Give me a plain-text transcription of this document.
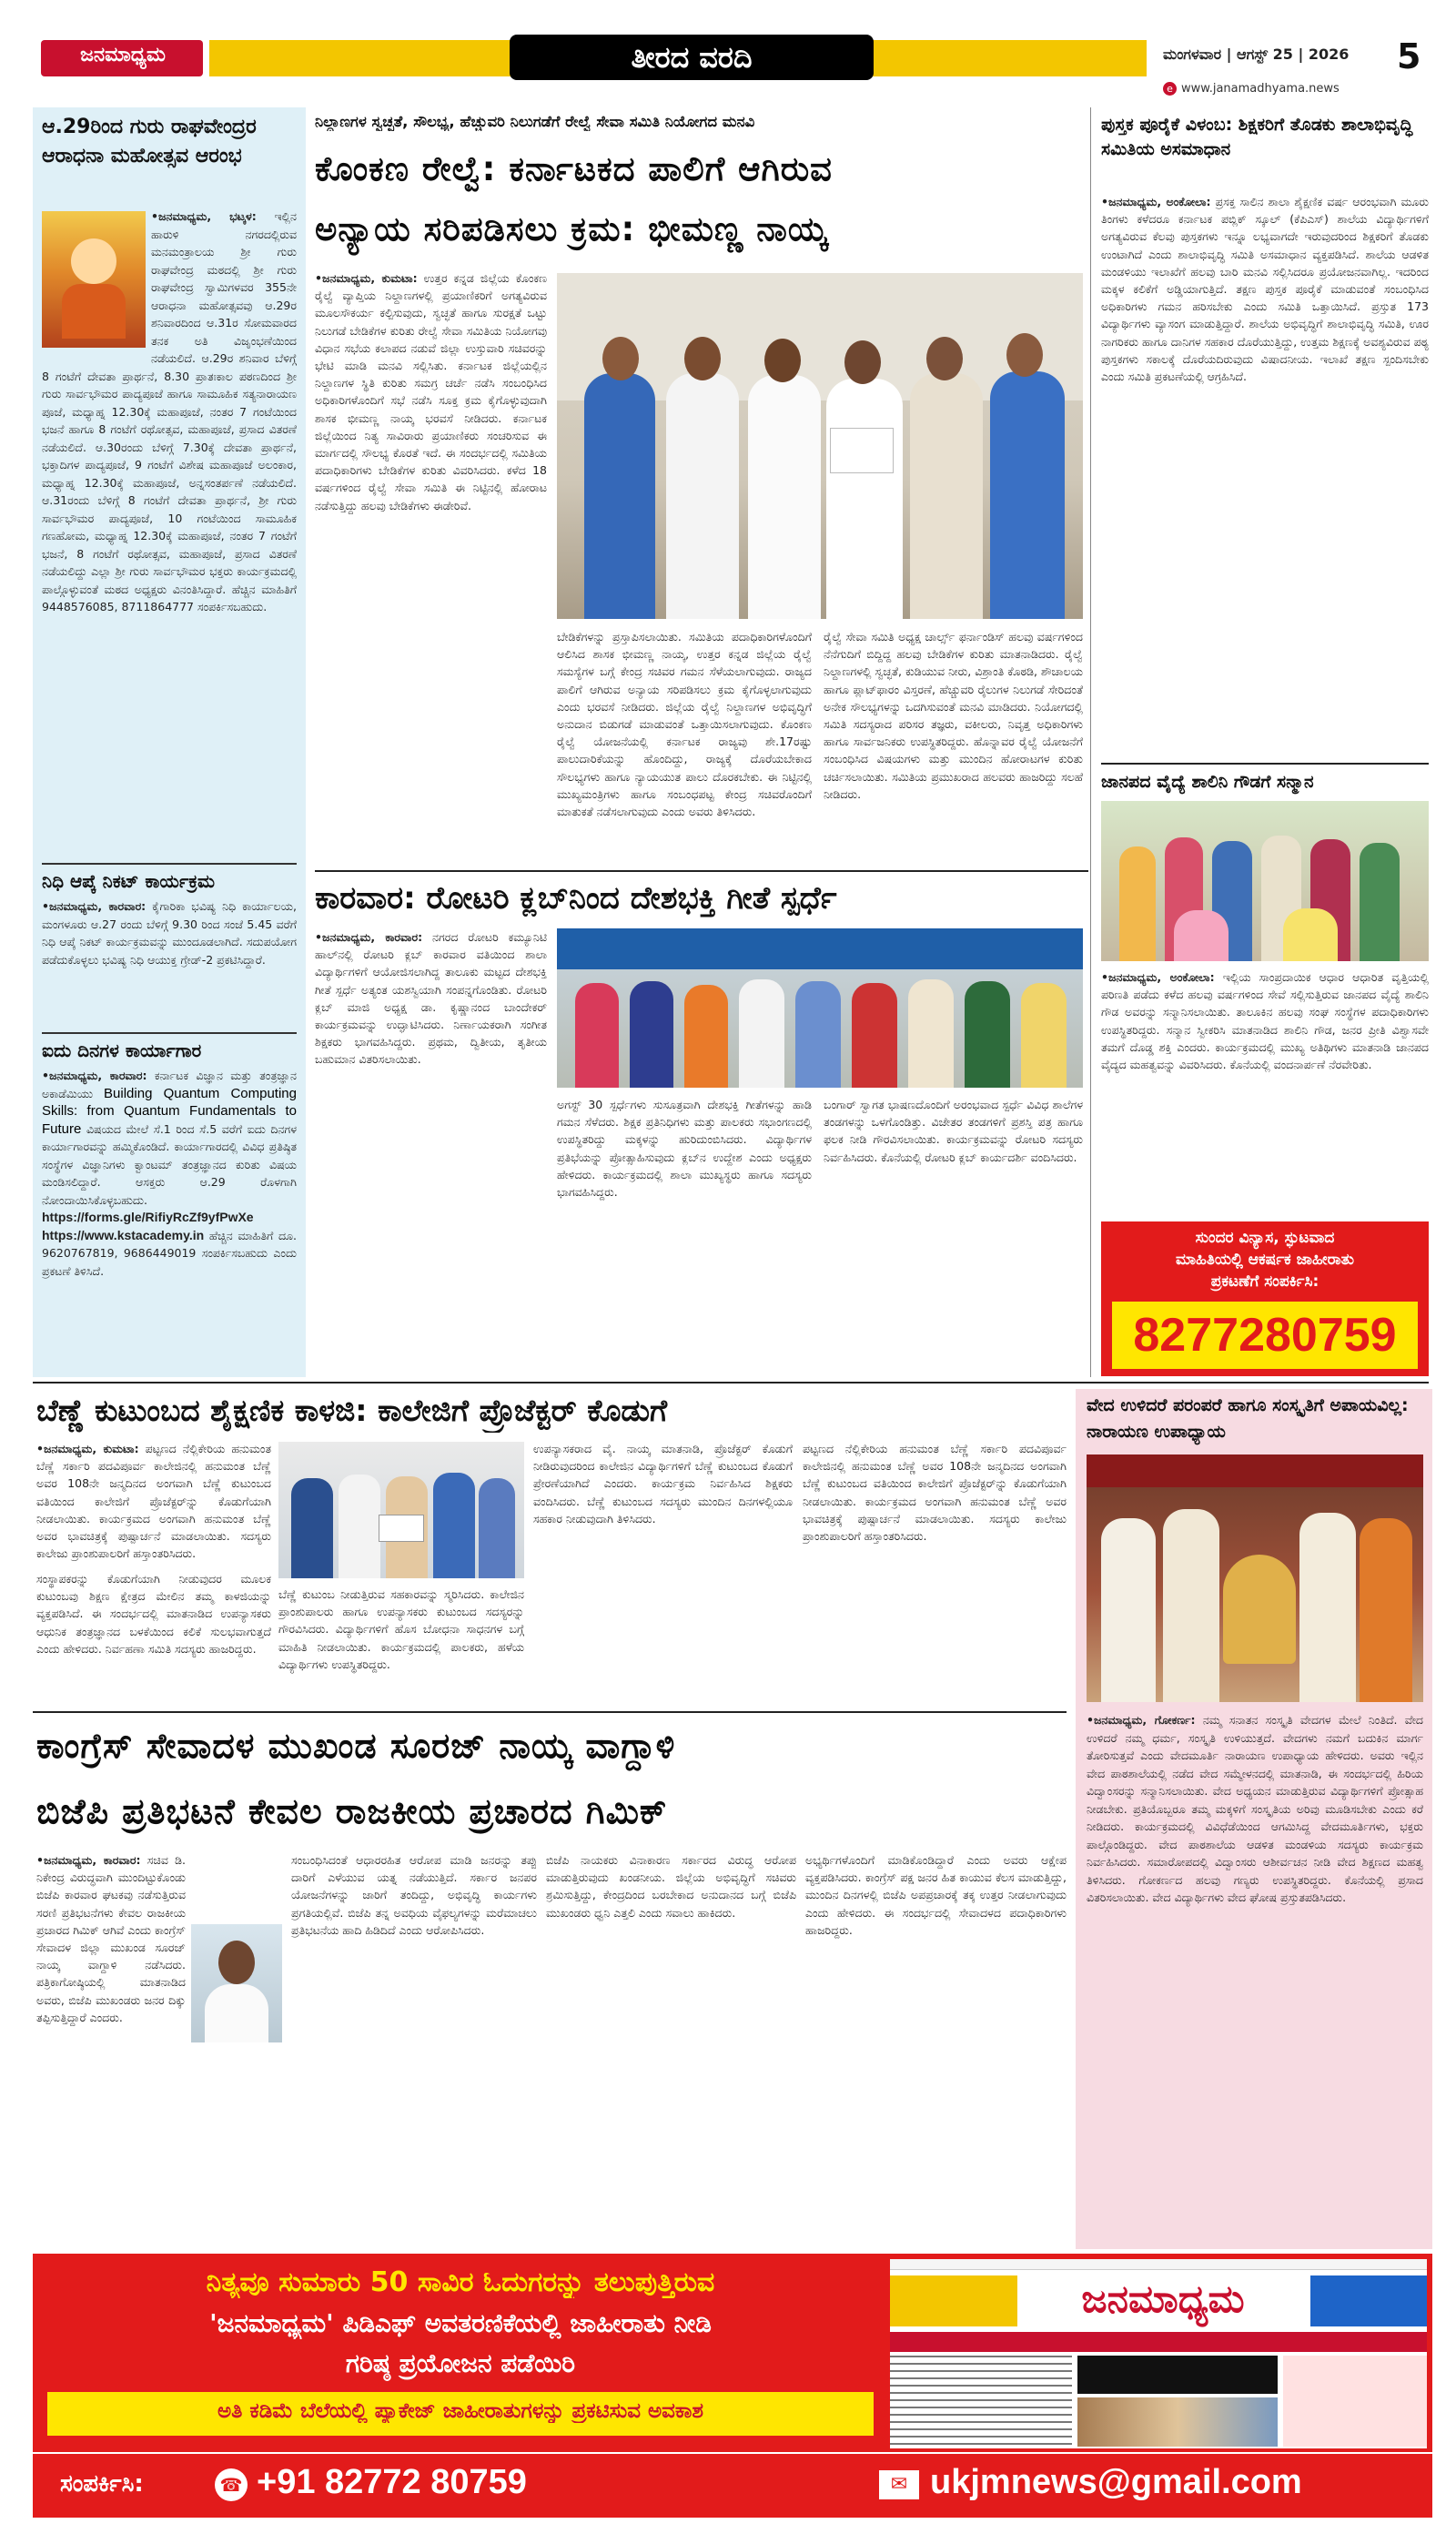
ಜನಮಾಧ್ಯಮ	ತೀರದ ವರದಿ	ಮಂಗಳವಾರ | ಆಗಸ್ಟ್ 25 | 2026	5
e www.janamadhyama.news
ಆ.29ರಿಂದ ಗುರು ರಾಘವೇಂದ್ರರ ಆರಾಧನಾ ಮಹೋತ್ಸವ ಆರಂಭ
•ಜನಮಾಧ್ಯಮ, ಭಟ್ಕಳ: ಇಲ್ಲಿನ ಹಾರುಳಿ ನಗರದಲ್ಲಿರುವ ಮನಮಂತ್ರಾಲಯ ಶ್ರೀ ಗುರು ರಾಘವೇಂದ್ರ ಮಠದಲ್ಲಿ ಶ್ರೀ ಗುರು ರಾಘವೇಂದ್ರ ಸ್ವಾಮಿಗಳವರ 355ನೇ ಆರಾಧನಾ ಮಹೋತ್ಸವವು ಆ.29ರ ಶನಿವಾರದಿಂದ ಆ.31ರ ಸೋಮವಾರದ ತನಕ ಅತಿ ವಿಜೃಂಭಣೆಯಿಂದ ನಡೆಯಲಿದೆ. ಆ.29ರ ಶನಿವಾರ ಬೆಳಿಗ್ಗೆ 8 ಗಂಟೆಗೆ ದೇವತಾ ಪ್ರಾರ್ಥನೆ, 8.30 ಪ್ರಾತಃಕಾಲ ಪಠಣದಿಂದ ಶ್ರೀ ಗುರು ಸಾರ್ವಭೌಮರ ಪಾದ್ಯಪೂಜೆ ಹಾಗೂ ಸಾಮೂಹಿಕ ಸತ್ಯನಾರಾಯಣ ಪೂಜೆ, ಮಧ್ಯಾಹ್ನ 12.30ಕ್ಕೆ ಮಹಾಪೂಜೆ, ನಂತರ 7 ಗಂಟೆಯಿಂದ ಭಜನೆ ಹಾಗೂ 8 ಗಂಟೆಗೆ ರಥೋತ್ಸವ, ಮಹಾಪೂಜೆ, ಪ್ರಸಾದ ವಿತರಣೆ ನಡೆಯಲಿದೆ. ಆ.30ರಂದು ಬೆಳಿಗ್ಗೆ 7.30ಕ್ಕೆ ದೇವತಾ ಪ್ರಾರ್ಥನೆ, ಭಕ್ತಾದಿಗಳ ಪಾದ್ಯಪೂಜೆ, 9 ಗಂಟೆಗೆ ವಿಶೇಷ ಮಹಾಪೂಜೆ ಅಲಂಕಾರ, ಮಧ್ಯಾಹ್ನ 12.30ಕ್ಕೆ ಮಹಾಪೂಜೆ, ಅನ್ನಸಂತರ್ಪಣೆ ನಡೆಯಲಿದೆ. ಆ.31ರಂದು ಬೆಳಿಗ್ಗೆ 8 ಗಂಟೆಗೆ ದೇವತಾ ಪ್ರಾರ್ಥನೆ, ಶ್ರೀ ಗುರು ಸಾರ್ವಭೌಮರ ಪಾದ್ಯಪೂಜೆ, 10 ಗಂಟೆಯಿಂದ ಸಾಮೂಹಿಕ ಗಣಹೋಮ, ಮಧ್ಯಾಹ್ನ 12.30ಕ್ಕೆ ಮಹಾಪೂಜೆ, ನಂತರ 7 ಗಂಟೆಗೆ ಭಜನೆ, 8 ಗಂಟೆಗೆ ರಥೋತ್ಸವ, ಮಹಾಪೂಜೆ, ಪ್ರಸಾದ ವಿತರಣೆ ನಡೆಯಲಿದ್ದು ಎಲ್ಲಾ ಶ್ರೀ ಗುರು ಸಾರ್ವಭೌಮರ ಭಕ್ತರು ಕಾರ್ಯಕ್ರಮದಲ್ಲಿ ಪಾಲ್ಗೊಳ್ಳುವಂತೆ ಮಠದ ಅಧ್ಯಕ್ಷರು ವಿನಂತಿಸಿದ್ದಾರೆ. ಹೆಚ್ಚಿನ ಮಾಹಿತಿಗೆ 9448576085, 8711864777 ಸಂಪರ್ಕಿಸಬಹುದು.
ನಿಧಿ ಆಪ್ಕೆ ನಿಕಟ್ ಕಾರ್ಯಕ್ರಮ
•ಜನಮಾಧ್ಯಮ, ಕಾರವಾರ: ಕೈಗಾರಿಕಾ ಭವಿಷ್ಯ ನಿಧಿ ಕಾರ್ಯಾಲಯ, ಮಂಗಳೂರು ಆ.27 ರಂದು ಬೆಳಿಗ್ಗೆ 9.30 ರಿಂದ ಸಂಜೆ 5.45 ವರೆಗೆ ನಿಧಿ ಆಪ್ಕೆ ನಿಕಟ್ ಕಾರ್ಯಕ್ರಮವನ್ನು ಮುಂದೂಡಲಾಗಿದೆ. ಸದುಪಯೋಗ ಪಡೆದುಕೊಳ್ಳಲು ಭವಿಷ್ಯ ನಿಧಿ ಆಯುಕ್ತ ಗ್ರೇಡ್-2 ಪ್ರಕಟಿಸಿದ್ದಾರೆ.
ಐದು ದಿನಗಳ ಕಾರ್ಯಾಗಾರ
•ಜನಮಾಧ್ಯಮ, ಕಾರವಾರ: ಕರ್ನಾಟಕ ವಿಜ್ಞಾನ ಮತ್ತು ತಂತ್ರಜ್ಞಾನ ಅಕಾಡೆಮಿಯು Building Quantum Computing Skills: from Quantum Fundamentals to Future ವಿಷಯದ ಮೇಲೆ ಸೆ.1 ರಿಂದ ಸೆ.5 ವರೆಗೆ ಐದು ದಿನಗಳ ಕಾರ್ಯಾಗಾರವನ್ನು ಹಮ್ಮಿಕೊಂಡಿದೆ. ಕಾರ್ಯಾಗಾರದಲ್ಲಿ ವಿವಿಧ ಪ್ರತಿಷ್ಠಿತ ಸಂಸ್ಥೆಗಳ ವಿಜ್ಞಾನಿಗಳು ಕ್ವಾಂಟಮ್ ತಂತ್ರಜ್ಞಾನದ ಕುರಿತು ವಿಷಯ ಮಂಡಿಸಲಿದ್ದಾರೆ. ಆಸಕ್ತರು ಆ.29 ರೊಳಗಾಗಿ ನೋಂದಾಯಿಸಿಕೊಳ್ಳಬಹುದು. https://forms.gle/RifiyRcZf9yfPwXe https://www.kstacademy.in ಹೆಚ್ಚಿನ ಮಾಹಿತಿಗೆ ದೂ. 9620767819, 9686449019 ಸಂಪರ್ಕಿಸಬಹುದು ಎಂದು ಪ್ರಕಟಣೆ ತಿಳಿಸಿದೆ.
ನಿಲ್ದಾಣಗಳ ಸ್ವಚ್ಛತೆ, ಸೌಲಭ್ಯ, ಹೆಚ್ಚುವರಿ ನಿಲುಗಡೆಗೆ ರೇಲ್ವೆ ಸೇವಾ ಸಮಿತಿ ನಿಯೋಗದ ಮನವಿ
ಕೊಂಕಣ ರೇಲ್ವೆ: ಕರ್ನಾಟಕದ ಪಾಲಿಗೆ ಆಗಿರುವ
ಅನ್ಯಾಯ ಸರಿಪಡಿಸಲು ಕ್ರಮ: ಭೀಮಣ್ಣ ನಾಯ್ಕ
•ಜನಮಾಧ್ಯಮ, ಕುಮಟಾ: ಉತ್ತರ ಕನ್ನಡ ಜಿಲ್ಲೆಯ ಕೊಂಕಣ ರೈಲ್ವೆ ವ್ಯಾಪ್ತಿಯ ನಿಲ್ದಾಣಗಳಲ್ಲಿ ಪ್ರಯಾಣಿಕರಿಗೆ ಅಗತ್ಯವಿರುವ ಮೂಲಸೌಕರ್ಯ ಕಲ್ಪಿಸುವುದು, ಸ್ವಚ್ಛತೆ ಹಾಗೂ ಸುರಕ್ಷತೆ ಒಟ್ಟು ನಿಲುಗಡೆ ಬೇಡಿಕೆಗಳ ಕುರಿತು ರೇಲ್ವೆ ಸೇವಾ ಸಮಿತಿಯ ನಿಯೋಗವು ವಿಧಾನ ಸಭೆಯ ಕಲಾಪದ ನಡುವೆ ಜಿಲ್ಲಾ ಉಸ್ತುವಾರಿ ಸಚಿವರನ್ನು ಭೇಟಿ ಮಾಡಿ ಮನವಿ ಸಲ್ಲಿಸಿತು. ಕರ್ನಾಟಕ ಜಿಲ್ಲೆಯಲ್ಲಿನ ನಿಲ್ದಾಣಗಳ ಸ್ಥಿತಿ ಕುರಿತು ಸಮಗ್ರ ಚರ್ಚೆ ನಡೆಸಿ ಸಂಬಂಧಿಸಿದ ಅಧಿಕಾರಿಗಳೊಂದಿಗೆ ಸಭೆ ನಡೆಸಿ ಸೂಕ್ತ ಕ್ರಮ ಕೈಗೊಳ್ಳುವುದಾಗಿ ಶಾಸಕ ಭೀಮಣ್ಣ ನಾಯ್ಕ ಭರವಸೆ ನೀಡಿದರು. ಕರ್ನಾಟಕ ಜಿಲ್ಲೆಯಿಂದ ನಿತ್ಯ ಸಾವಿರಾರು ಪ್ರಯಾಣಿಕರು ಸಂಚರಿಸುವ ಈ ಮಾರ್ಗದಲ್ಲಿ ಸೌಲಭ್ಯ ಕೊರತೆ ಇದೆ. ಈ ಸಂದರ್ಭದಲ್ಲಿ ಸಮಿತಿಯ ಪದಾಧಿಕಾರಿಗಳು ಬೇಡಿಕೆಗಳ ಕುರಿತು ವಿವರಿಸಿದರು. ಕಳೆದ 18 ವರ್ಷಗಳಿಂದ ರೈಲ್ವೆ ಸೇವಾ ಸಮಿತಿ ಈ ನಿಟ್ಟಿನಲ್ಲಿ ಹೋರಾಟ ನಡೆಸುತ್ತಿದ್ದು ಹಲವು ಬೇಡಿಕೆಗಳು ಈಡೇರಿವೆ.
ಬೇಡಿಕೆಗಳನ್ನು ಪ್ರಸ್ತಾಪಿಸಲಾಯಿತು. ಸಮಿತಿಯ ಪದಾಧಿಕಾರಿಗಳೊಂದಿಗೆ ಆಲಿಸಿದ ಶಾಸಕ ಭೀಮಣ್ಣ ನಾಯ್ಕ, ಉತ್ತರ ಕನ್ನಡ ಜಿಲ್ಲೆಯ ರೈಲ್ವೆ ಸಮಸ್ಯೆಗಳ ಬಗ್ಗೆ ಕೇಂದ್ರ ಸಚಿವರ ಗಮನ ಸೆಳೆಯಲಾಗುವುದು. ರಾಜ್ಯದ ಪಾಲಿಗೆ ಆಗಿರುವ ಅನ್ಯಾಯ ಸರಿಪಡಿಸಲು ಕ್ರಮ ಕೈಗೊಳ್ಳಲಾಗುವುದು ಎಂದು ಭರವಸೆ ನೀಡಿದರು. ಜಿಲ್ಲೆಯ ರೈಲ್ವೆ ನಿಲ್ದಾಣಗಳ ಅಭಿವೃದ್ಧಿಗೆ ಅನುದಾನ ಬಿಡುಗಡೆ ಮಾಡುವಂತೆ ಒತ್ತಾಯಿಸಲಾಗುವುದು. ಕೊಂಕಣ ರೈಲ್ವೆ ಯೋಜನೆಯಲ್ಲಿ ಕರ್ನಾಟಕ ರಾಜ್ಯವು ಶೇ.17ರಷ್ಟು ಪಾಲುದಾರಿಕೆಯನ್ನು ಹೊಂದಿದ್ದು, ರಾಜ್ಯಕ್ಕೆ ದೊರೆಯಬೇಕಾದ ಸೌಲಭ್ಯಗಳು ಹಾಗೂ ನ್ಯಾಯಯುತ ಪಾಲು ದೊರಕಬೇಕು. ಈ ನಿಟ್ಟಿನಲ್ಲಿ ಮುಖ್ಯಮಂತ್ರಿಗಳು ಹಾಗೂ ಸಂಬಂಧಪಟ್ಟ ಕೇಂದ್ರ ಸಚಿವರೊಂದಿಗೆ ಮಾತುಕತೆ ನಡೆಸಲಾಗುವುದು ಎಂದು ಅವರು ತಿಳಿಸಿದರು.
ರೈಲ್ವೆ ಸೇವಾ ಸಮಿತಿ ಅಧ್ಯಕ್ಷ ಚಾರ್ಲ್ಸ್ ಫರ್ನಾಂಡಿಸ್ ಹಲವು ವರ್ಷಗಳಿಂದ ನೆನೆಗುದಿಗೆ ಬಿದ್ದಿದ್ದ ಹಲವು ಬೇಡಿಕೆಗಳ ಕುರಿತು ಮಾತನಾಡಿದರು. ರೈಲ್ವೆ ನಿಲ್ದಾಣಗಳಲ್ಲಿ ಸ್ವಚ್ಛತೆ, ಕುಡಿಯುವ ನೀರು, ವಿಶ್ರಾಂತಿ ಕೊಠಡಿ, ಶೌಚಾಲಯ ಹಾಗೂ ಪ್ಲಾಟ್‌ಫಾರಂ ವಿಸ್ತರಣೆ, ಹೆಚ್ಚುವರಿ ರೈಲುಗಳ ನಿಲುಗಡೆ ಸೇರಿದಂತೆ ಅನೇಕ ಸೌಲಭ್ಯಗಳನ್ನು ಒದಗಿಸುವಂತೆ ಮನವಿ ಮಾಡಿದರು. ನಿಯೋಗದಲ್ಲಿ ಸಮಿತಿ ಸದಸ್ಯರಾದ ಪರಿಸರ ತಜ್ಞರು, ವಕೀಲರು, ನಿವೃತ್ತ ಅಧಿಕಾರಿಗಳು ಹಾಗೂ ಸಾರ್ವಜನಿಕರು ಉಪಸ್ಥಿತರಿದ್ದರು. ಹೊನ್ನಾವರ ರೈಲ್ವೆ ಯೋಜನೆಗೆ ಸಂಬಂಧಿಸಿದ ವಿಷಯಗಳು ಮತ್ತು ಮುಂದಿನ ಹೋರಾಟಗಳ ಕುರಿತು ಚರ್ಚಿಸಲಾಯಿತು. ಸಮಿತಿಯ ಪ್ರಮುಖರಾದ ಹಲವರು ಹಾಜರಿದ್ದು ಸಲಹೆ ನೀಡಿದರು.
ಕಾರವಾರ: ರೋಟರಿ ಕ್ಲಬ್‌ನಿಂದ ದೇಶಭಕ್ತಿ ಗೀತೆ ಸ್ಪರ್ಧೆ
•ಜನಮಾಧ್ಯಮ, ಕಾರವಾರ: ನಗರದ ರೋಟರಿ ಕಮ್ಯೂನಿಟಿ ಹಾಲ್‌ನಲ್ಲಿ ರೋಟರಿ ಕ್ಲಬ್ ಕಾರವಾರ ವತಿಯಿಂದ ಶಾಲಾ ವಿದ್ಯಾರ್ಥಿಗಳಿಗೆ ಆಯೋಜಿಸಲಾಗಿದ್ದ ತಾಲೂಕು ಮಟ್ಟದ ದೇಶಭಕ್ತಿ ಗೀತೆ ಸ್ಪರ್ಧೆ ಅತ್ಯಂತ ಯಶಸ್ವಿಯಾಗಿ ಸಂಪನ್ನಗೊಂಡಿತು. ರೋಟರಿ ಕ್ಲಬ್ ಮಾಜಿ ಅಧ್ಯಕ್ಷ ಡಾ. ಕೃಷ್ಣಾನಂದ ಬಾಂದೇಕರ್ ಕಾರ್ಯಕ್ರಮವನ್ನು ಉದ್ಘಾಟಿಸಿದರು. ನಿರ್ಣಾಯಕರಾಗಿ ಸಂಗೀತ ಶಿಕ್ಷಕರು ಭಾಗವಹಿಸಿದ್ದರು. ಪ್ರಥಮ, ದ್ವಿತೀಯ, ತೃತೀಯ ಬಹುಮಾನ ವಿತರಿಸಲಾಯಿತು.
ಅಗಸ್ಟ್ 30 ಸ್ಪರ್ಧೆಗಳು ಸುಸೂತ್ರವಾಗಿ ದೇಶಭಕ್ತಿ ಗೀತೆಗಳನ್ನು ಹಾಡಿ ಗಮನ ಸೆಳೆದರು. ಶಿಕ್ಷಕ ಪ್ರತಿನಿಧಿಗಳು ಮತ್ತು ಪಾಲಕರು ಸಭಾಂಗಣದಲ್ಲಿ ಉಪಸ್ಥಿತರಿದ್ದು ಮಕ್ಕಳನ್ನು ಹುರಿದುಂಬಿಸಿದರು. ವಿದ್ಯಾರ್ಥಿಗಳ ಪ್ರತಿಭೆಯನ್ನು ಪ್ರೋತ್ಸಾಹಿಸುವುದು ಕ್ಲಬ್‌ನ ಉದ್ದೇಶ ಎಂದು ಅಧ್ಯಕ್ಷರು ಹೇಳಿದರು. ಕಾರ್ಯಕ್ರಮದಲ್ಲಿ ಶಾಲಾ ಮುಖ್ಯಸ್ಥರು ಹಾಗೂ ಸದಸ್ಯರು ಭಾಗವಹಿಸಿದ್ದರು.
ಬಂಗಾರ್ ಸ್ವಾಗತ ಭಾಷಣದೊಂದಿಗೆ ಅರಂಭವಾದ ಸ್ಪರ್ಧೆ ವಿವಿಧ ಶಾಲೆಗಳ ತಂಡಗಳನ್ನು ಒಳಗೊಂಡಿತ್ತು. ವಿಜೇತರ ತಂಡಗಳಿಗೆ ಪ್ರಶಸ್ತಿ ಪತ್ರ ಹಾಗೂ ಫಲಕ ನೀಡಿ ಗೌರವಿಸಲಾಯಿತು. ಕಾರ್ಯಕ್ರಮವನ್ನು ರೋಟರಿ ಸದಸ್ಯರು ನಿರ್ವಹಿಸಿದರು. ಕೊನೆಯಲ್ಲಿ ರೋಟರಿ ಕ್ಲಬ್ ಕಾರ್ಯದರ್ಶಿ ವಂದಿಸಿದರು.
ಪುಸ್ತಕ ಪೂರೈಕೆ ವಿಳಂಬ: ಶಿಕ್ಷಕರಿಗೆ ತೊಡಕು ಶಾಲಾಭಿವೃದ್ಧಿ ಸಮಿತಿಯ ಅಸಮಾಧಾನ
•ಜನಮಾಧ್ಯಮ, ಅಂಕೋಲಾ: ಪ್ರಸಕ್ತ ಸಾಲಿನ ಶಾಲಾ ಶೈಕ್ಷಣಿಕ ವರ್ಷ ಆರಂಭವಾಗಿ ಮೂರು ತಿಂಗಳು ಕಳೆದರೂ ಕರ್ನಾಟಕ ಪಬ್ಲಿಕ್ ಸ್ಕೂಲ್ (ಕೆಪಿಎಸ್) ಶಾಲೆಯ ವಿದ್ಯಾರ್ಥಿಗಳಿಗೆ ಅಗತ್ಯವಿರುವ ಕೆಲವು ಪುಸ್ತಕಗಳು ಇನ್ನೂ ಲಭ್ಯವಾಗದೇ ಇರುವುದರಿಂದ ಶಿಕ್ಷಕರಿಗೆ ತೊಡಕು ಉಂಟಾಗಿದೆ ಎಂದು ಶಾಲಾಭಿವೃದ್ಧಿ ಸಮಿತಿ ಅಸಮಾಧಾನ ವ್ಯಕ್ತಪಡಿಸಿದೆ. ಶಾಲೆಯ ಆಡಳಿತ ಮಂಡಳಿಯು ಇಲಾಖೆಗೆ ಹಲವು ಬಾರಿ ಮನವಿ ಸಲ್ಲಿಸಿದರೂ ಪ್ರಯೋಜನವಾಗಿಲ್ಲ. ಇದರಿಂದ ಮಕ್ಕಳ ಕಲಿಕೆಗೆ ಅಡ್ಡಿಯಾಗುತ್ತಿದೆ. ತಕ್ಷಣ ಪುಸ್ತಕ ಪೂರೈಕೆ ಮಾಡುವಂತೆ ಸಂಬಂಧಿಸಿದ ಅಧಿಕಾರಿಗಳು ಗಮನ ಹರಿಸಬೇಕು ಎಂದು ಸಮಿತಿ ಒತ್ತಾಯಿಸಿದೆ. ಪ್ರಸ್ತುತ 173 ವಿದ್ಯಾರ್ಥಿಗಳು ವ್ಯಾಸಂಗ ಮಾಡುತ್ತಿದ್ದಾರೆ. ಶಾಲೆಯ ಅಭಿವೃದ್ಧಿಗೆ ಶಾಲಾಭಿವೃದ್ಧಿ ಸಮಿತಿ, ಊರ ನಾಗರಿಕರು ಹಾಗೂ ದಾನಿಗಳ ಸಹಕಾರ ದೊರೆಯುತ್ತಿದ್ದು, ಉತ್ತಮ ಶಿಕ್ಷಣಕ್ಕೆ ಅವಶ್ಯವಿರುವ ಪಠ್ಯ ಪುಸ್ತಕಗಳು ಸಕಾಲಕ್ಕೆ ದೊರೆಯದಿರುವುದು ವಿಷಾದನೀಯ. ಇಲಾಖೆ ತಕ್ಷಣ ಸ್ಪಂದಿಸಬೇಕು ಎಂದು ಸಮಿತಿ ಪ್ರಕಟಣೆಯಲ್ಲಿ ಆಗ್ರಹಿಸಿದೆ.
ಜಾನಪದ ವೈದ್ಯೆ ಶಾಲಿನಿ ಗೌಡಗೆ ಸನ್ಮಾನ
•ಜನಮಾಧ್ಯಮ, ಅಂಕೋಲಾ: ಇಲ್ಲಿಯ ಸಾಂಪ್ರದಾಯಿಕ ಆಧಾರ ಆಧಾರಿತ ವೃತ್ತಿಯಲ್ಲಿ ಪರಿಣತಿ ಪಡೆದು ಕಳೆದ ಹಲವು ವರ್ಷಗಳಿಂದ ಸೇವೆ ಸಲ್ಲಿಸುತ್ತಿರುವ ಜಾನಪದ ವೈದ್ಯೆ ಶಾಲಿನಿ ಗೌಡ ಅವರನ್ನು ಸನ್ಮಾನಿಸಲಾಯಿತು. ತಾಲೂಕಿನ ಹಲವು ಸಂಘ ಸಂಸ್ಥೆಗಳ ಪದಾಧಿಕಾರಿಗಳು ಉಪಸ್ಥಿತರಿದ್ದರು. ಸನ್ಮಾನ ಸ್ವೀಕರಿಸಿ ಮಾತನಾಡಿದ ಶಾಲಿನಿ ಗೌಡ, ಜನರ ಪ್ರೀತಿ ವಿಶ್ವಾಸವೇ ತಮಗೆ ದೊಡ್ಡ ಶಕ್ತಿ ಎಂದರು. ಕಾರ್ಯಕ್ರಮದಲ್ಲಿ ಮುಖ್ಯ ಅತಿಥಿಗಳು ಮಾತನಾಡಿ ಜಾನಪದ ವೈದ್ಯದ ಮಹತ್ವವನ್ನು ವಿವರಿಸಿದರು. ಕೊನೆಯಲ್ಲಿ ವಂದನಾರ್ಪಣೆ ನೆರವೇರಿತು.
ಸುಂದರ ವಿನ್ಯಾಸ, ಸ್ಫುಟವಾದ
ಮಾಹಿತಿಯಲ್ಲಿ ಆಕರ್ಷಕ ಜಾಹೀರಾತು
ಪ್ರಕಟಣೆಗೆ ಸಂಪರ್ಕಿಸಿ:
8277280759
ಬೆಣ್ಣೆ ಕುಟುಂಬದ ಶೈಕ್ಷಣಿಕ ಕಾಳಜಿ: ಕಾಲೇಜಿಗೆ ಪ್ರೊಜೆಕ್ಟರ್ ಕೊಡುಗೆ
•ಜನಮಾಧ್ಯಮ, ಕುಮಟಾ: ಪಟ್ಟಣದ ನೆಲ್ಲಿಕೇರಿಯ ಹನುಮಂತ ಬೆಣ್ಣೆ ಸರ್ಕಾರಿ ಪದವಿಪೂರ್ವ ಕಾಲೇಜಿನಲ್ಲಿ ಹನುಮಂತ ಬೆಣ್ಣೆ ಅವರ 108ನೇ ಜನ್ಮದಿನದ ಅಂಗವಾಗಿ ಬೆಣ್ಣೆ ಕುಟುಂಬದ ವತಿಯಿಂದ ಕಾಲೇಜಿಗೆ ಪ್ರೊಜೆಕ್ಟರ್‌ನ್ನು ಕೊಡುಗೆಯಾಗಿ ನೀಡಲಾಯಿತು. ಕಾರ್ಯಕ್ರಮದ ಅಂಗವಾಗಿ ಹನುಮಂತ ಬೆಣ್ಣೆ ಅವರ ಭಾವಚಿತ್ರಕ್ಕೆ ಪುಷ್ಪಾರ್ಚನೆ ಮಾಡಲಾಯಿತು. ಸದಸ್ಯರು ಕಾಲೇಜು ಪ್ರಾಂಶುಪಾಲರಿಗೆ ಹಸ್ತಾಂತರಿಸಿದರು.
ಸಂಸ್ಥಾಪಕರನ್ನು ಕೊಡುಗೆಯಾಗಿ ನೀಡುವುದರ ಮೂಲಕ ಕುಟುಂಬವು ಶಿಕ್ಷಣ ಕ್ಷೇತ್ರದ ಮೇಲಿನ ತಮ್ಮ ಕಾಳಜಿಯನ್ನು ವ್ಯಕ್ತಪಡಿಸಿದೆ. ಈ ಸಂದರ್ಭದಲ್ಲಿ ಮಾತನಾಡಿದ ಉಪನ್ಯಾಸಕರು ಆಧುನಿಕ ತಂತ್ರಜ್ಞಾನದ ಬಳಕೆಯಿಂದ ಕಲಿಕೆ ಸುಲಭವಾಗುತ್ತದೆ ಎಂದು ಹೇಳಿದರು. ನಿರ್ವಹಣಾ ಸಮಿತಿ ಸದಸ್ಯರು ಹಾಜರಿದ್ದರು.
ಬೆಣ್ಣೆ ಕುಟುಂಬ ನೀಡುತ್ತಿರುವ ಸಹಕಾರವನ್ನು ಸ್ಮರಿಸಿದರು. ಕಾಲೇಜಿನ ಪ್ರಾಂಶುಪಾಲರು ಹಾಗೂ ಉಪನ್ಯಾಸಕರು ಕುಟುಂಬದ ಸದಸ್ಯರನ್ನು ಗೌರವಿಸಿದರು. ವಿದ್ಯಾರ್ಥಿಗಳಿಗೆ ಹೊಸ ಬೋಧನಾ ಸಾಧನಗಳ ಬಗ್ಗೆ ಮಾಹಿತಿ ನೀಡಲಾಯಿತು. ಕಾರ್ಯಕ್ರಮದಲ್ಲಿ ಪಾಲಕರು, ಹಳೆಯ ವಿದ್ಯಾರ್ಥಿಗಳು ಉಪಸ್ಥಿತರಿದ್ದರು.
ಉಪನ್ಯಾಸಕರಾದ ವೈ. ನಾಯ್ಕ ಮಾತನಾಡಿ, ಪ್ರೊಜೆಕ್ಟರ್ ಕೊಡುಗೆ ನೀಡಿರುವುದರಿಂದ ಕಾಲೇಜಿನ ವಿದ್ಯಾರ್ಥಿಗಳಿಗೆ ಬೆಣ್ಣೆ ಕುಟುಂಬದ ಕೊಡುಗೆ ಪ್ರೇರಣೆಯಾಗಿದೆ ಎಂದರು. ಕಾರ್ಯಕ್ರಮ ನಿರ್ವಹಿಸಿದ ಶಿಕ್ಷಕರು ವಂದಿಸಿದರು. ಬೆಣ್ಣೆ ಕುಟುಂಬದ ಸದಸ್ಯರು ಮುಂದಿನ ದಿನಗಳಲ್ಲಿಯೂ ಸಹಕಾರ ನೀಡುವುದಾಗಿ ತಿಳಿಸಿದರು.
ಪಟ್ಟಣದ ನೆಲ್ಲಿಕೇರಿಯ ಹನುಮಂತ ಬೆಣ್ಣೆ ಸರ್ಕಾರಿ ಪದವಿಪೂರ್ವ ಕಾಲೇಜಿನಲ್ಲಿ ಹನುಮಂತ ಬೆಣ್ಣೆ ಅವರ 108ನೇ ಜನ್ಮದಿನದ ಅಂಗವಾಗಿ ಬೆಣ್ಣೆ ಕುಟುಂಬದ ವತಿಯಿಂದ ಕಾಲೇಜಿಗೆ ಪ್ರೊಜೆಕ್ಟರ್‌ನ್ನು ಕೊಡುಗೆಯಾಗಿ ನೀಡಲಾಯಿತು. ಕಾರ್ಯಕ್ರಮದ ಅಂಗವಾಗಿ ಹನುಮಂತ ಬೆಣ್ಣೆ ಅವರ ಭಾವಚಿತ್ರಕ್ಕೆ ಪುಷ್ಪಾರ್ಚನೆ ಮಾಡಲಾಯಿತು. ಸದಸ್ಯರು ಕಾಲೇಜು ಪ್ರಾಂಶುಪಾಲರಿಗೆ ಹಸ್ತಾಂತರಿಸಿದರು.
ವೇದ ಉಳಿದರೆ ಪರಂಪರೆ ಹಾಗೂ ಸಂಸ್ಕೃತಿಗೆ ಅಪಾಯವಿಲ್ಲ: ನಾರಾಯಣ ಉಪಾಧ್ಯಾಯ
•ಜನಮಾಧ್ಯಮ, ಗೋಕರ್ಣ: ನಮ್ಮ ಸನಾತನ ಸಂಸ್ಕೃತಿ ವೇದಗಳ ಮೇಲೆ ನಿಂತಿದೆ. ವೇದ ಉಳಿದರೆ ನಮ್ಮ ಧರ್ಮ, ಸಂಸ್ಕೃತಿ ಉಳಿಯುತ್ತದೆ. ವೇದಗಳು ನಮಗೆ ಬದುಕಿನ ಮಾರ್ಗ ತೋರಿಸುತ್ತವೆ ಎಂದು ವೇದಮೂರ್ತಿ ನಾರಾಯಣ ಉಪಾಧ್ಯಾಯ ಹೇಳಿದರು. ಅವರು ಇಲ್ಲಿನ ವೇದ ಪಾಠಶಾಲೆಯಲ್ಲಿ ನಡೆದ ವೇದ ಸಮ್ಮೇಳನದಲ್ಲಿ ಮಾತನಾಡಿ, ಈ ಸಂದರ್ಭದಲ್ಲಿ ಹಿರಿಯ ವಿದ್ವಾಂಸರನ್ನು ಸನ್ಮಾನಿಸಲಾಯಿತು. ವೇದ ಅಧ್ಯಯನ ಮಾಡುತ್ತಿರುವ ವಿದ್ಯಾರ್ಥಿಗಳಿಗೆ ಪ್ರೋತ್ಸಾಹ ನೀಡಬೇಕು. ಪ್ರತಿಯೊಬ್ಬರೂ ತಮ್ಮ ಮಕ್ಕಳಿಗೆ ಸಂಸ್ಕೃತಿಯ ಅರಿವು ಮೂಡಿಸಬೇಕು ಎಂದು ಕರೆ ನೀಡಿದರು. ಕಾರ್ಯಕ್ರಮದಲ್ಲಿ ವಿವಿಧೆಡೆಯಿಂದ ಆಗಮಿಸಿದ್ದ ವೇದಮೂರ್ತಿಗಳು, ಭಕ್ತರು ಪಾಲ್ಗೊಂಡಿದ್ದರು. ವೇದ ಪಾಠಶಾಲೆಯ ಆಡಳಿತ ಮಂಡಳಿಯ ಸದಸ್ಯರು ಕಾರ್ಯಕ್ರಮ ನಿರ್ವಹಿಸಿದರು. ಸಮಾರೋಪದಲ್ಲಿ ವಿದ್ವಾಂಸರು ಆಶೀರ್ವಚನ ನೀಡಿ ವೇದ ಶಿಕ್ಷಣದ ಮಹತ್ವ ತಿಳಿಸಿದರು. ಗೋಕರ್ಣದ ಹಲವು ಗಣ್ಯರು ಉಪಸ್ಥಿತರಿದ್ದರು. ಕೊನೆಯಲ್ಲಿ ಪ್ರಸಾದ ವಿತರಿಸಲಾಯಿತು. ವೇದ ವಿದ್ಯಾರ್ಥಿಗಳು ವೇದ ಘೋಷ ಪ್ರಸ್ತುತಪಡಿಸಿದರು.
ಕಾಂಗ್ರೆಸ್ ಸೇವಾದಳ ಮುಖಂಡ ಸೂರಜ್ ನಾಯ್ಕ ವಾಗ್ದಾಳಿ
ಬಿಜೆಪಿ ಪ್ರತಿಭಟನೆ ಕೇವಲ ರಾಜಕೀಯ ಪ್ರಚಾರದ ಗಿಮಿಕ್
•ಜನಮಾಧ್ಯಮ, ಕಾರವಾರ: ಸಚಿವ ಡಿ. ನಿಕೇಂದ್ರ ವಿರುದ್ಧವಾಗಿ ಮುಂದಿಟ್ಟುಕೊಂಡು ಬಿಜೆಪಿ ಕಾರವಾರ ಘಟಕವು ನಡೆಸುತ್ತಿರುವ ಸರಣಿ ಪ್ರತಿಭಟನೆಗಳು ಕೇವಲ ರಾಜಕೀಯ ಪ್ರಚಾರದ ಗಿಮಿಕ್ ಆಗಿವೆ ಎಂದು ಕಾಂಗ್ರೆಸ್ ಸೇವಾದಳ ಜಿಲ್ಲಾ ಮುಖಂಡ ಸೂರಜ್ ನಾಯ್ಕ ವಾಗ್ದಾಳಿ ನಡೆಸಿದರು. ಪತ್ರಿಕಾಗೋಷ್ಠಿಯಲ್ಲಿ ಮಾತನಾಡಿದ ಅವರು, ಬಿಜೆಪಿ ಮುಖಂಡರು ಜನರ ದಿಕ್ಕು ತಪ್ಪಿಸುತ್ತಿದ್ದಾರೆ ಎಂದರು.
ಸಂಬಂಧಿಸಿದಂತೆ ಆಧಾರರಹಿತ ಆರೋಪ ಮಾಡಿ ಜನರನ್ನು ತಪ್ಪು ದಾರಿಗೆ ಎಳೆಯುವ ಯತ್ನ ನಡೆಯುತ್ತಿದೆ. ಸರ್ಕಾರ ಜನಪರ ಯೋಜನೆಗಳನ್ನು ಜಾರಿಗೆ ತಂದಿದ್ದು, ಅಭಿವೃದ್ಧಿ ಕಾರ್ಯಗಳು ಪ್ರಗತಿಯಲ್ಲಿವೆ. ಬಿಜೆಪಿ ತನ್ನ ಅವಧಿಯ ವೈಫಲ್ಯಗಳನ್ನು ಮರೆಮಾಚಲು ಪ್ರತಿಭಟನೆಯ ಹಾದಿ ಹಿಡಿದಿದೆ ಎಂದು ಆರೋಪಿಸಿದರು.
ಬಿಜೆಪಿ ನಾಯಕರು ವಿನಾಕಾರಣ ಸರ್ಕಾರದ ವಿರುದ್ಧ ಆರೋಪ ಮಾಡುತ್ತಿರುವುದು ಖಂಡನೀಯ. ಜಿಲ್ಲೆಯ ಅಭಿವೃದ್ಧಿಗೆ ಸಚಿವರು ಶ್ರಮಿಸುತ್ತಿದ್ದು, ಕೇಂದ್ರದಿಂದ ಬರಬೇಕಾದ ಅನುದಾನದ ಬಗ್ಗೆ ಬಿಜೆಪಿ ಮುಖಂಡರು ಧ್ವನಿ ಎತ್ತಲಿ ಎಂದು ಸವಾಲು ಹಾಕಿದರು.
ಅಭ್ಯರ್ಥಿಗಳೊಂದಿಗೆ ಮಾಡಿಕೊಂಡಿದ್ದಾರೆ ಎಂದು ಅವರು ಆಕ್ಷೇಪ ವ್ಯಕ್ತಪಡಿಸಿದರು. ಕಾಂಗ್ರೆಸ್ ಪಕ್ಷ ಜನರ ಹಿತ ಕಾಯುವ ಕೆಲಸ ಮಾಡುತ್ತಿದ್ದು, ಮುಂದಿನ ದಿನಗಳಲ್ಲಿ ಬಿಜೆಪಿ ಅಪಪ್ರಚಾರಕ್ಕೆ ತಕ್ಕ ಉತ್ತರ ನೀಡಲಾಗುವುದು ಎಂದು ಹೇಳಿದರು. ಈ ಸಂದರ್ಭದಲ್ಲಿ ಸೇವಾದಳದ ಪದಾಧಿಕಾರಿಗಳು ಹಾಜರಿದ್ದರು.
ನಿತ್ಯವೂ ಸುಮಾರು 50 ಸಾವಿರ ಓದುಗರನ್ನು ತಲುಪುತ್ತಿರುವ
'ಜನಮಾಧ್ಯಮ' ಪಿಡಿಎಫ್ ಅವತರಣಿಕೆಯಲ್ಲಿ ಜಾಹೀರಾತು ನೀಡಿ
ಗರಿಷ್ಠ ಪ್ರಯೋಜನ ಪಡೆಯಿರಿ
ಅತಿ ಕಡಿಮೆ ಬೆಲೆಯಲ್ಲಿ ಪ್ಯಾಕೇಜ್ ಜಾಹೀರಾತುಗಳನ್ನು ಪ್ರಕಟಿಸುವ ಅವಕಾಶ
ಸಂಪರ್ಕಿಸಿ:	☎ +91 82772 80759	✉ ukjmnews@gmail.com
ಜನಮಾಧ್ಯಮ
